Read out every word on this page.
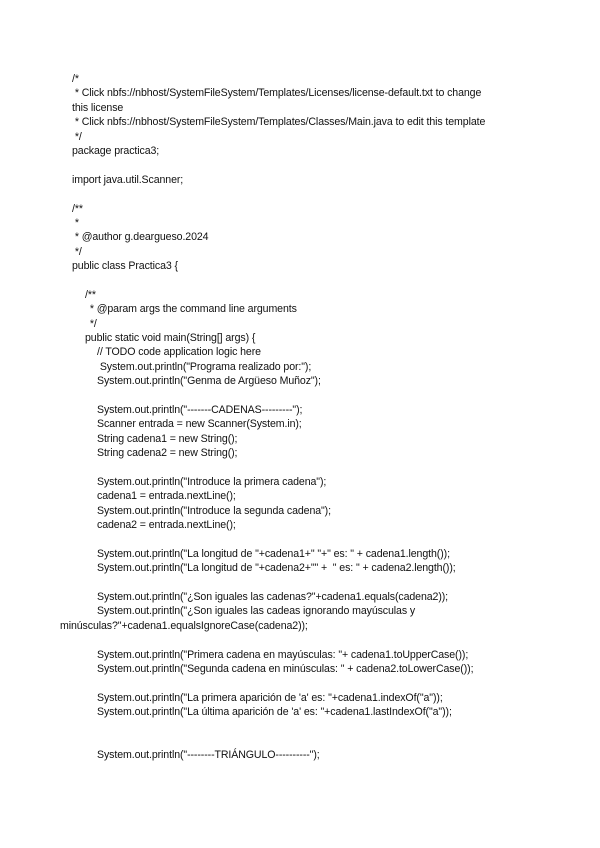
/*
* Click nbfs://nbhost/SystemFileSystem/Templates/Licenses/license-default.txt to change
this license
* Click nbfs://nbhost/SystemFileSystem/Templates/Classes/Main.java to edit this template
*/
package practica3;
import java.util.Scanner;
/**
*
* @author g.deargueso.2024
*/
public class Practica3 {
/**
* @param args the command line arguments
*/
public static void main(String[] args) {
// TODO code application logic here
System.out.println("Programa realizado por:");
System.out.println("Genma de Argüeso Muñoz");
System.out.println("-------CADENAS---------");
Scanner entrada = new Scanner(System.in);
String cadena1 = new String();
String cadena2 = new String();
System.out.println("Introduce la primera cadena");
cadena1 = entrada.nextLine();
System.out.println("Introduce la segunda cadena");
cadena2 = entrada.nextLine();
System.out.println("La longitud de "+cadena1+" "+" es: " + cadena1.length());
System.out.println("La longitud de "+cadena2+"" +  " es: " + cadena2.length());
System.out.println("¿Son iguales las cadenas?"+cadena1.equals(cadena2));
System.out.println("¿Son iguales las cadeas ignorando mayúsculas y
minúsculas?"+cadena1.equalsIgnoreCase(cadena2));
System.out.println("Primera cadena en mayúsculas: "+ cadena1.toUpperCase());
System.out.println("Segunda cadena en minúsculas: " + cadena2.toLowerCase());
System.out.println("La primera aparición de 'a' es: "+cadena1.indexOf("a"));
System.out.println("La última aparición de 'a' es: "+cadena1.lastIndexOf("a"));
System.out.println("--------TRIÁNGULO----------");
